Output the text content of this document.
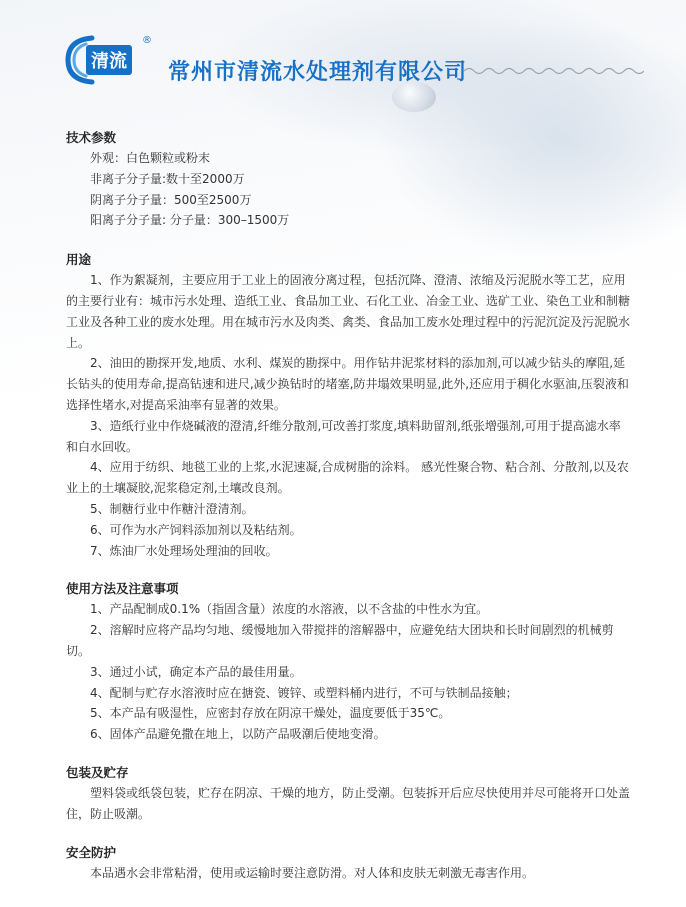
清流
®
常州市清流水处理剂有限公司
技术参数
外观：白色颗粒或粉末
非离子分子量:数十至2000万
阴离子分子量：500至2500万
阳离子分子量: 分子量：300–1500万
用途

1、作为絮凝剂，主要应用于工业上的固液分离过程，包括沉降、澄清、浓缩及污泥脱水等工艺，应用的主要行业有：城市污水处理、造纸工业、食品加工业、石化工业、冶金工业、选矿工业、染色工业和制糖工业及各种工业的废水处理。用在城市污水及肉类、禽类、食品加工废水处理过程中的污泥沉淀及污泥脱水上。

2、油田的勘探开发,地质、水利、煤炭的勘探中。用作钻井泥浆材料的添加剂,可以减少钻头的摩阻,延长钻头的使用寿命,提高钻速和进尺,减少换钻时的堵塞,防井塌效果明显,此外,还应用于稠化水驱油,压裂液和选择性堵水,对提高采油率有显著的效果。

3、造纸行业中作烧碱液的澄清,纤维分散剂,可改善打浆度,填料助留剂,纸张增强剂,可用于提高滤水率和白水回收。

4、应用于纺织、地毯工业的上浆,水泥速凝,合成树脂的涂料。 感光性聚合物、粘合剂、分散剂,以及农业上的土壤凝胶,泥浆稳定剂,土壤改良剂。

5、制糖行业中作糖汁澄清剂。

6、可作为水产饲料添加剂以及粘结剂。

7、炼油厂水处理场处理油的回收。

使用方法及注意事项

1、产品配制成0.1%（指固含量）浓度的水溶液，以不含盐的中性水为宜。

2、溶解时应将产品均匀地、缓慢地加入带搅拌的溶解器中，应避免结大团块和长时间剧烈的机械剪切。

3、通过小试，确定本产品的最佳用量。

4、配制与贮存水溶液时应在搪瓷、镀锌、或塑料桶内进行，不可与铁制品接触；

5、本产品有吸湿性，应密封存放在阴凉干燥处，温度要低于35℃。

6、固体产品避免撒在地上，以防产品吸潮后使地变滑。

包装及贮存

塑料袋或纸袋包装，贮存在阴凉、干燥的地方，防止受潮。包装拆开后应尽快使用并尽可能将开口处盖住，防止吸潮。

安全防护

本品遇水会非常粘滑，使用或运输时要注意防滑。对人体和皮肤无刺激无毒害作用。
